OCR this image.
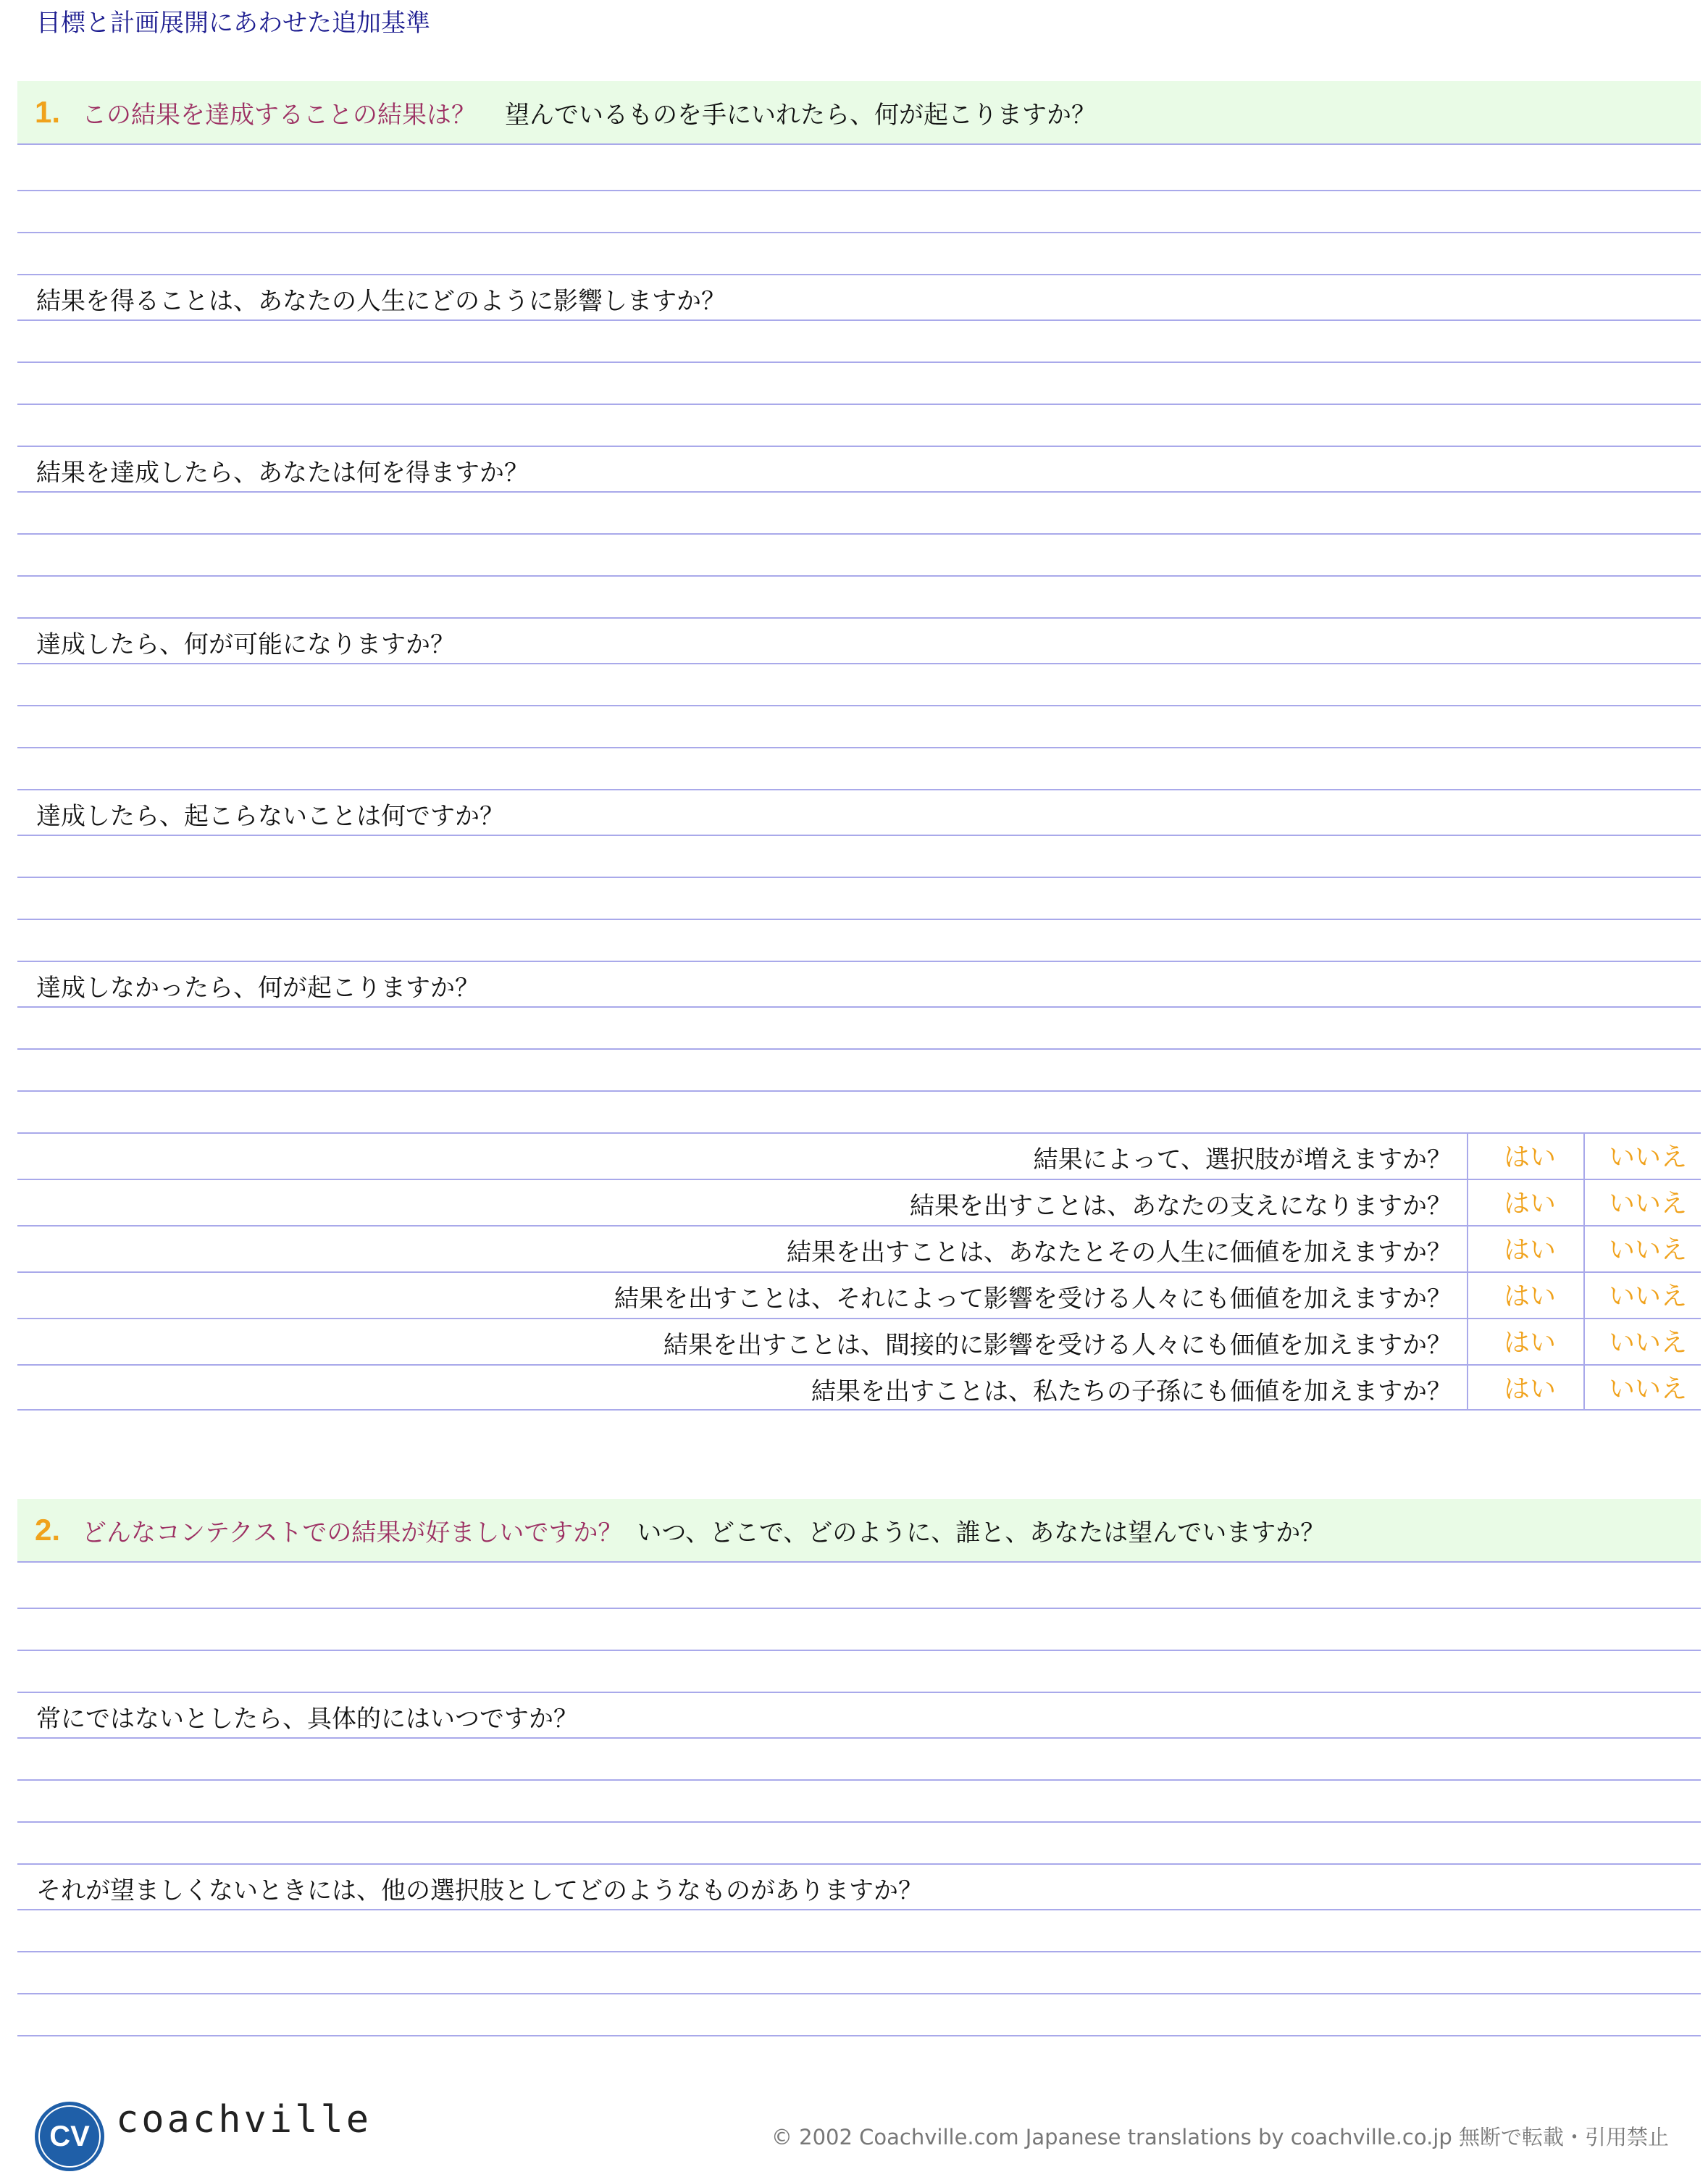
目標と計画展開にあわせた追加基準
1. この結果を達成することの結果は？ 望んでいるものを手にいれたら、何が起こりますか？
結果を得ることは、あなたの人生にどのように影響しますか？
結果を達成したら、あなたは何を得ますか？
達成したら、何が可能になりますか？
達成したら、起こらないことは何ですか？
達成しなかったら、何が起こりますか？
結果によって、選択肢が増えますか？ はい いいえ
結果を出すことは、あなたの支えになりますか？ はい いいえ
結果を出すことは、あなたとその人生に価値を加えますか？ はい いいえ
結果を出すことは、それによって影響を受ける人々にも価値を加えますか？ はい いいえ
結果を出すことは、間接的に影響を受ける人々にも価値を加えますか？ はい いいえ
結果を出すことは、私たちの子孫にも価値を加えますか？ はい いいえ
2. どんなコンテクストでの結果が好ましいですか？ いつ、どこで、どのように、誰と、あなたは望んでいますか？
常にではないとしたら、具体的にはいつですか？
それが望ましくないときには、他の選択肢としてどのようなものがありますか？
CV coachville	© 2002 Coachville.com Japanese translations by coachville.co.jp 無断で転載・引用禁止
